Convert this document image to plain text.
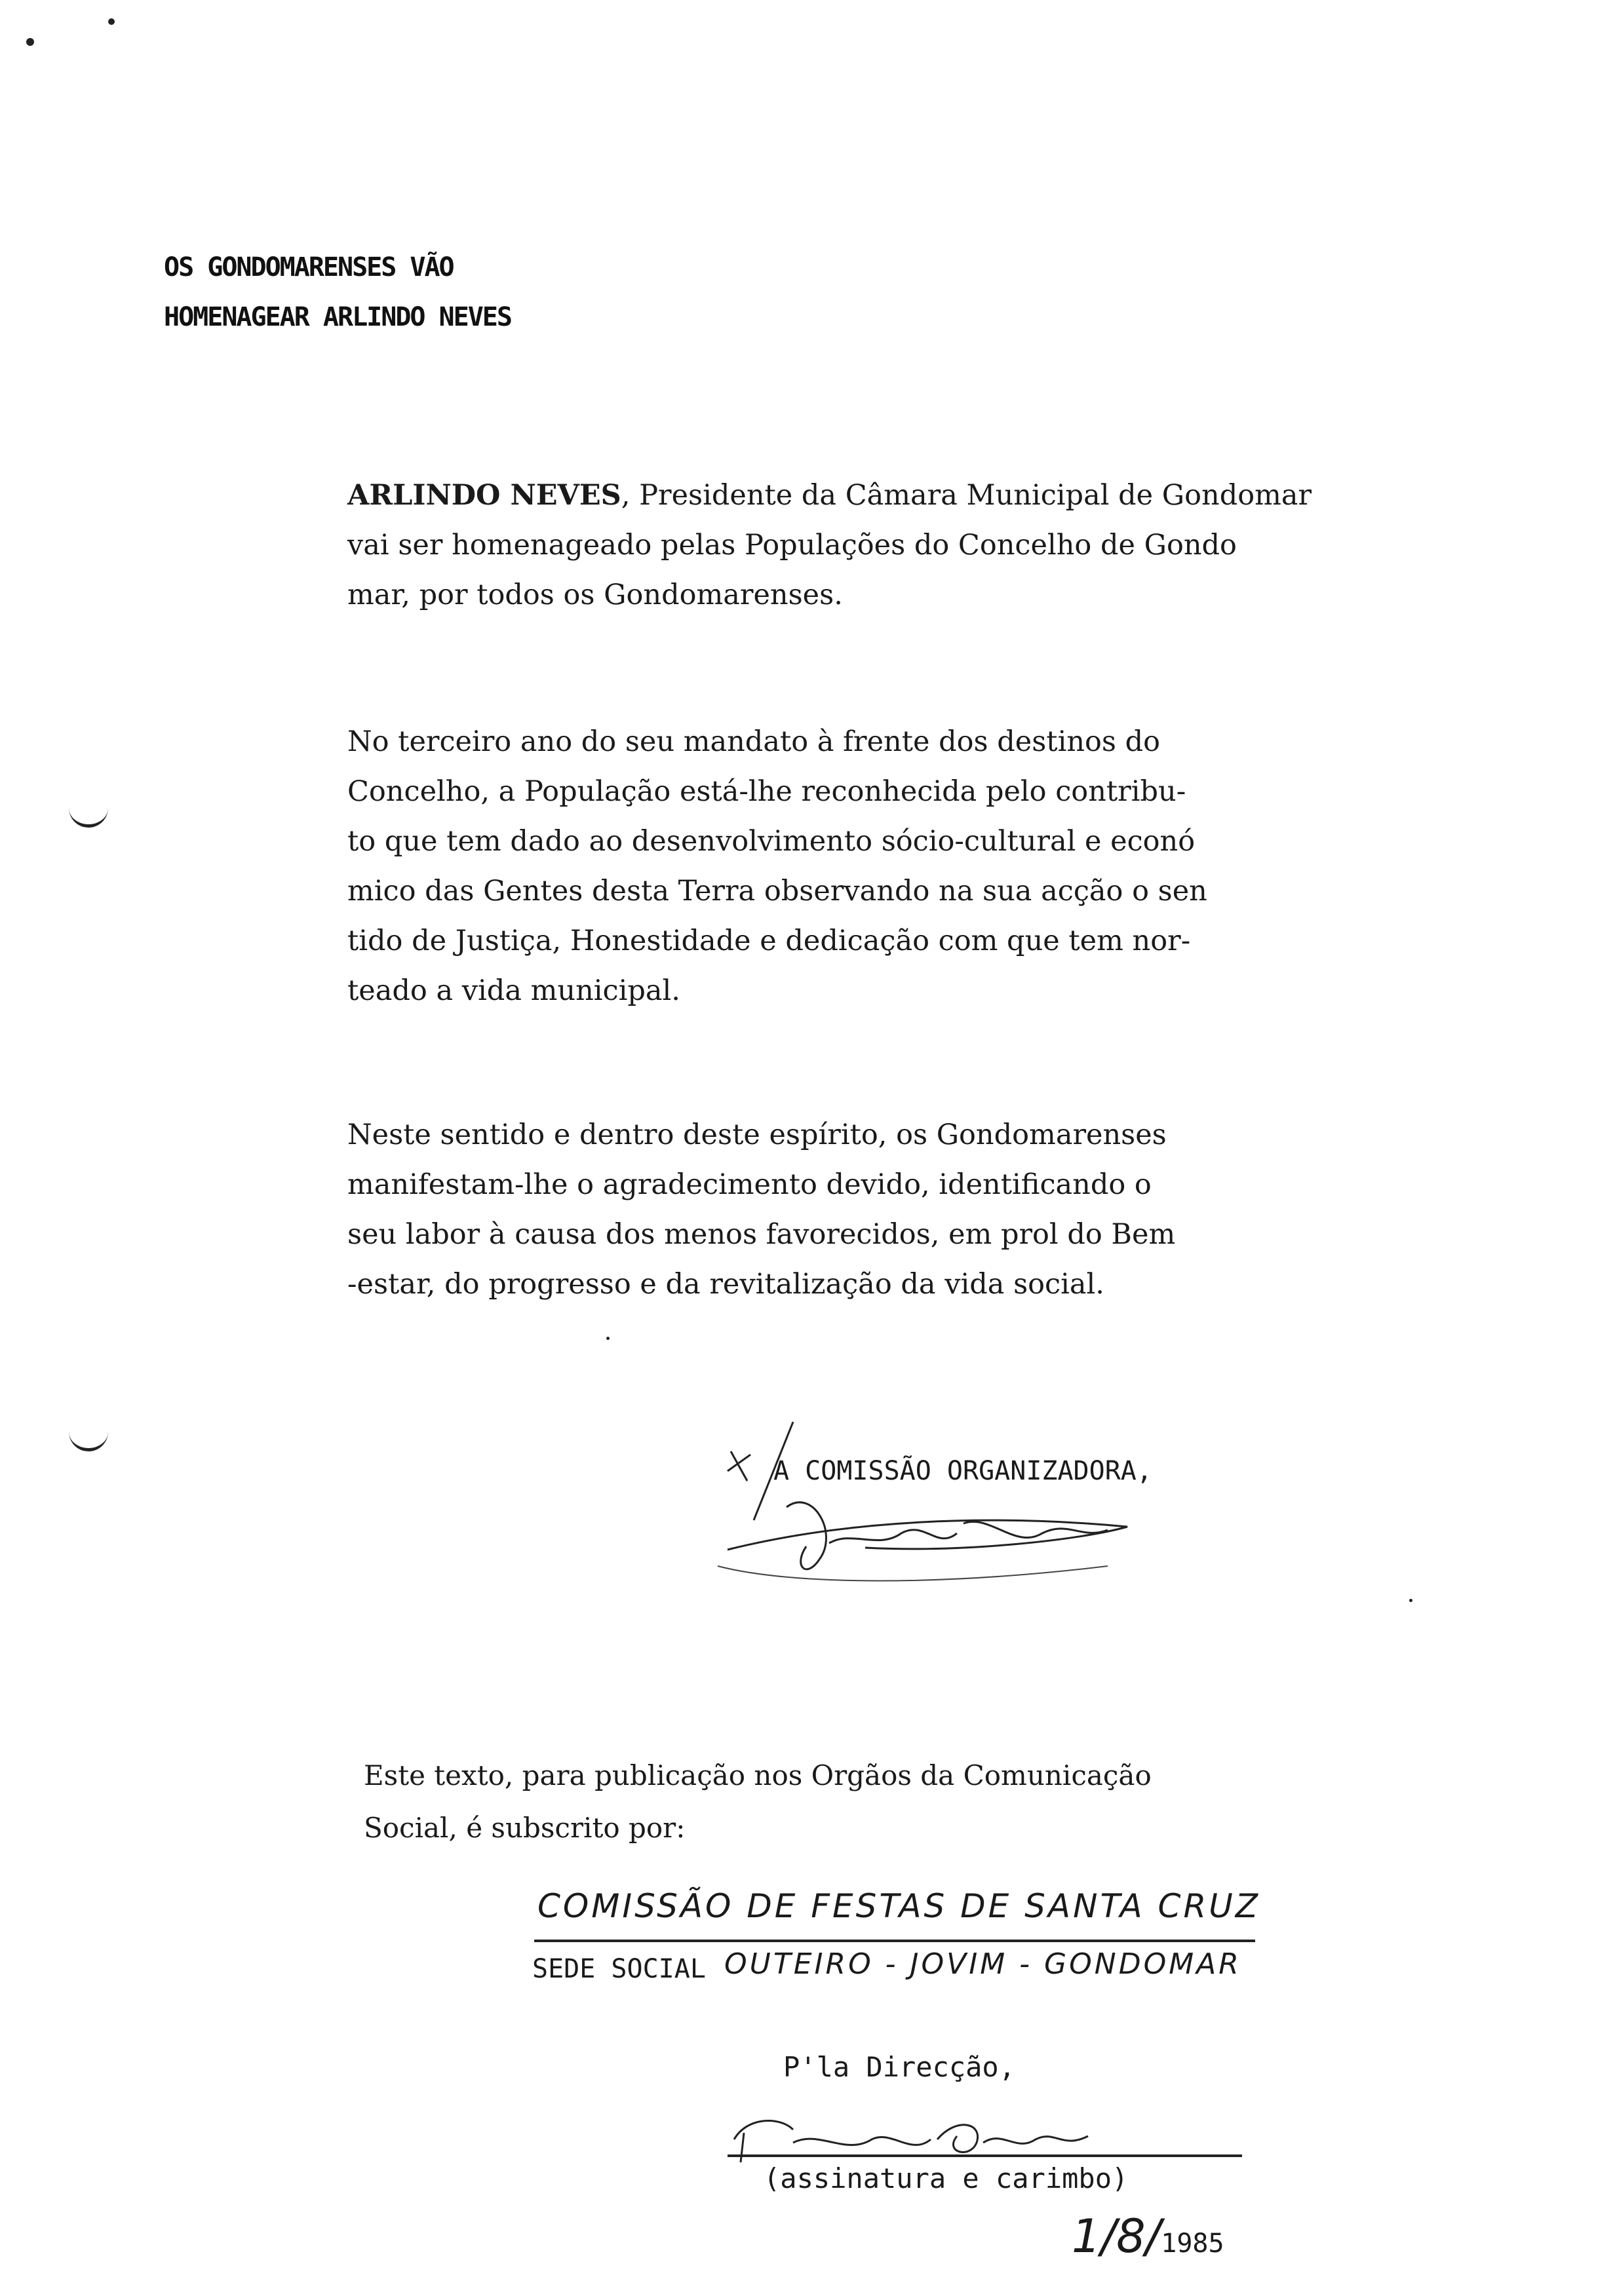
OS GONDOMARENSES VÃO
HOMENAGEAR ARLINDO NEVES

ARLINDO NEVES, Presidente da Câmara Municipal de Gondomar

vai ser homenageado pelas Populações do Concelho de Gondo

mar, por todos os Gondomarenses.

No terceiro ano do seu mandato à frente dos destinos do

Concelho, a População está-lhe reconhecida pelo contribu-

to que tem dado ao desenvolvimento sócio-cultural e econó

mico das Gentes desta Terra observando na sua acção o sen

tido de Justiça, Honestidade e dedicação com que tem nor-

teado a vida municipal.

Neste sentido e dentro deste espírito, os Gondomarenses

manifestam-lhe o agradecimento devido, identificando o

seu labor à causa dos menos favorecidos, em prol do Bem

-estar, do progresso e da revitalização da vida social.

A COMISSÃO ORGANIZADORA,

Este texto, para publicação nos Orgãos da Comunicação

Social, é subscrito por:

COMISSÃO DE FESTAS DE SANTA CRUZ
SEDE SOCIAL OUTEIRO - JOVIM - GONDOMAR
P'la Direcção,
(assinatura e carimbo)
1/8/1985
